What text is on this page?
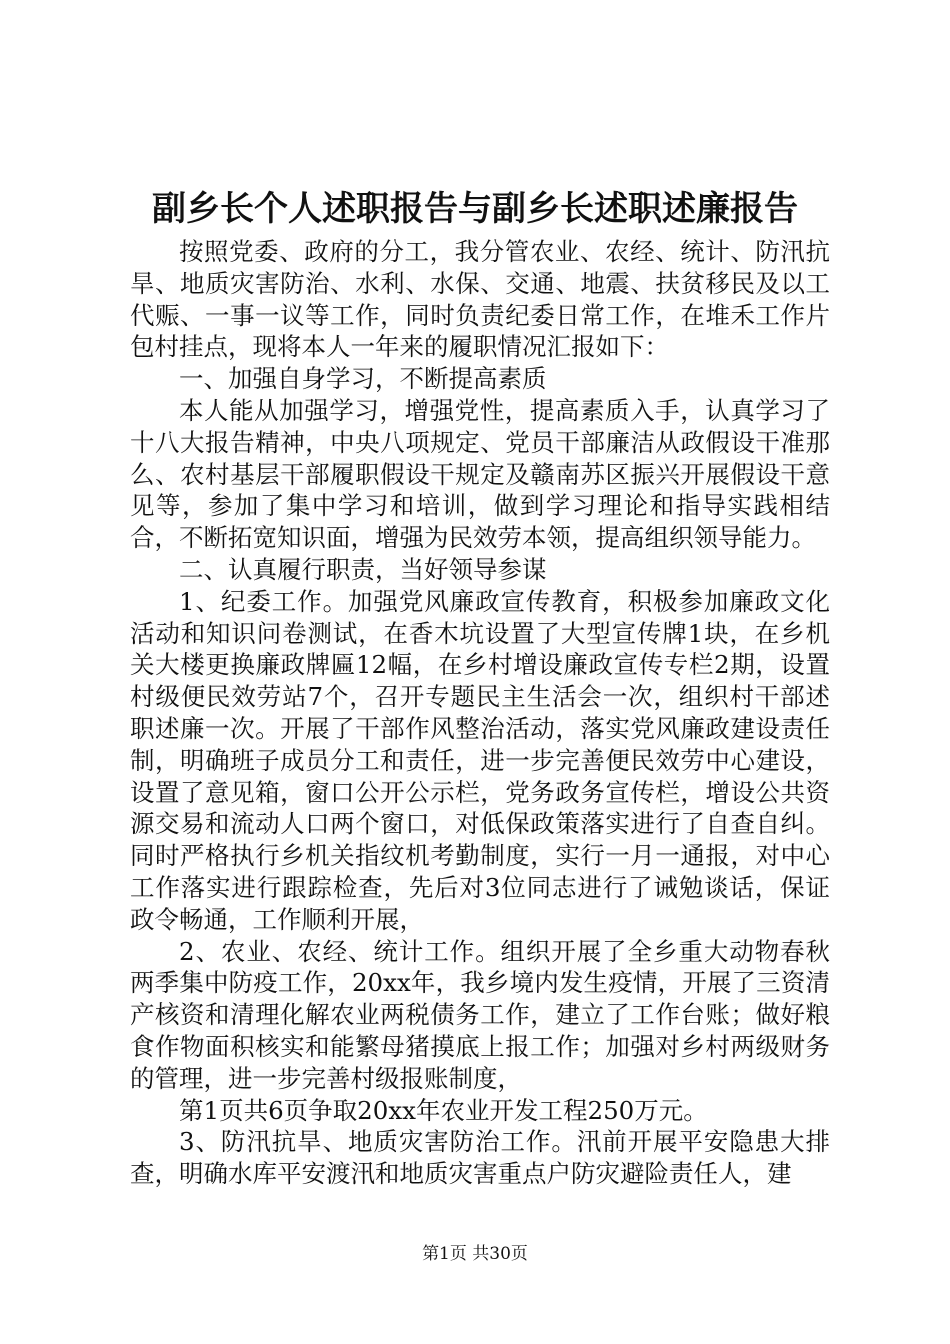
副乡长个人述职报告与副乡长述职述廉报告

按照党委、政府的分工，我分管农业、农经、统计、防汛抗旱、地质灾害防治、水利、水保、交通、地震、扶贫移民及以工代赈、一事一议等工作，同时负责纪委日常工作，在堆禾工作片包村挂点，现将本人一年来的履职情况汇报如下：

一、加强自身学习，不断提高素质

本人能从加强学习，增强党性，提高素质入手，认真学习了十八大报告精神，中央八项规定、党员干部廉洁从政假设干准那么、农村基层干部履职假设干规定及赣南苏区振兴开展假设干意见等，参加了集中学习和培训，做到学习理论和指导实践相结合，不断拓宽知识面，增强为民效劳本领，提高组织领导能力。

二、认真履行职责，当好领导参谋

1、纪委工作。加强党风廉政宣传教育，积极参加廉政文化活动和知识问卷测试，在香木坑设置了大型宣传牌1块，在乡机关大楼更换廉政牌匾12幅，在乡村增设廉政宣传专栏2期，设置村级便民效劳站7个，召开专题民主生活会一次，组织村干部述职述廉一次。开展了干部作风整治活动，落实党风廉政建设责任制，明确班子成员分工和责任，进一步完善便民效劳中心建设，设置了意见箱，窗口公开公示栏，党务政务宣传栏，增设公共资源交易和流动人口两个窗口，对低保政策落实进行了自查自纠。同时严格执行乡机关指纹机考勤制度，实行一月一通报，对中心工作落实进行跟踪检查，先后对3位同志进行了诫勉谈话，保证政令畅通，工作顺利开展，

2、农业、农经、统计工作。组织开展了全乡重大动物春秋两季集中防疫工作，20xx年，我乡境内发生疫情，开展了三资清产核资和清理化解农业两税债务工作，建立了工作台账；做好粮食作物面积核实和能繁母猪摸底上报工作；加强对乡村两级财务的管理，进一步完善村级报账制度，

第1页共6页争取20xx年农业开发工程250万元。

3、防汛抗旱、地质灾害防治工作。汛前开展平安隐患大排查，明确水库平安渡汛和地质灾害重点户防灾避险责任人，建

第1页 共30页
